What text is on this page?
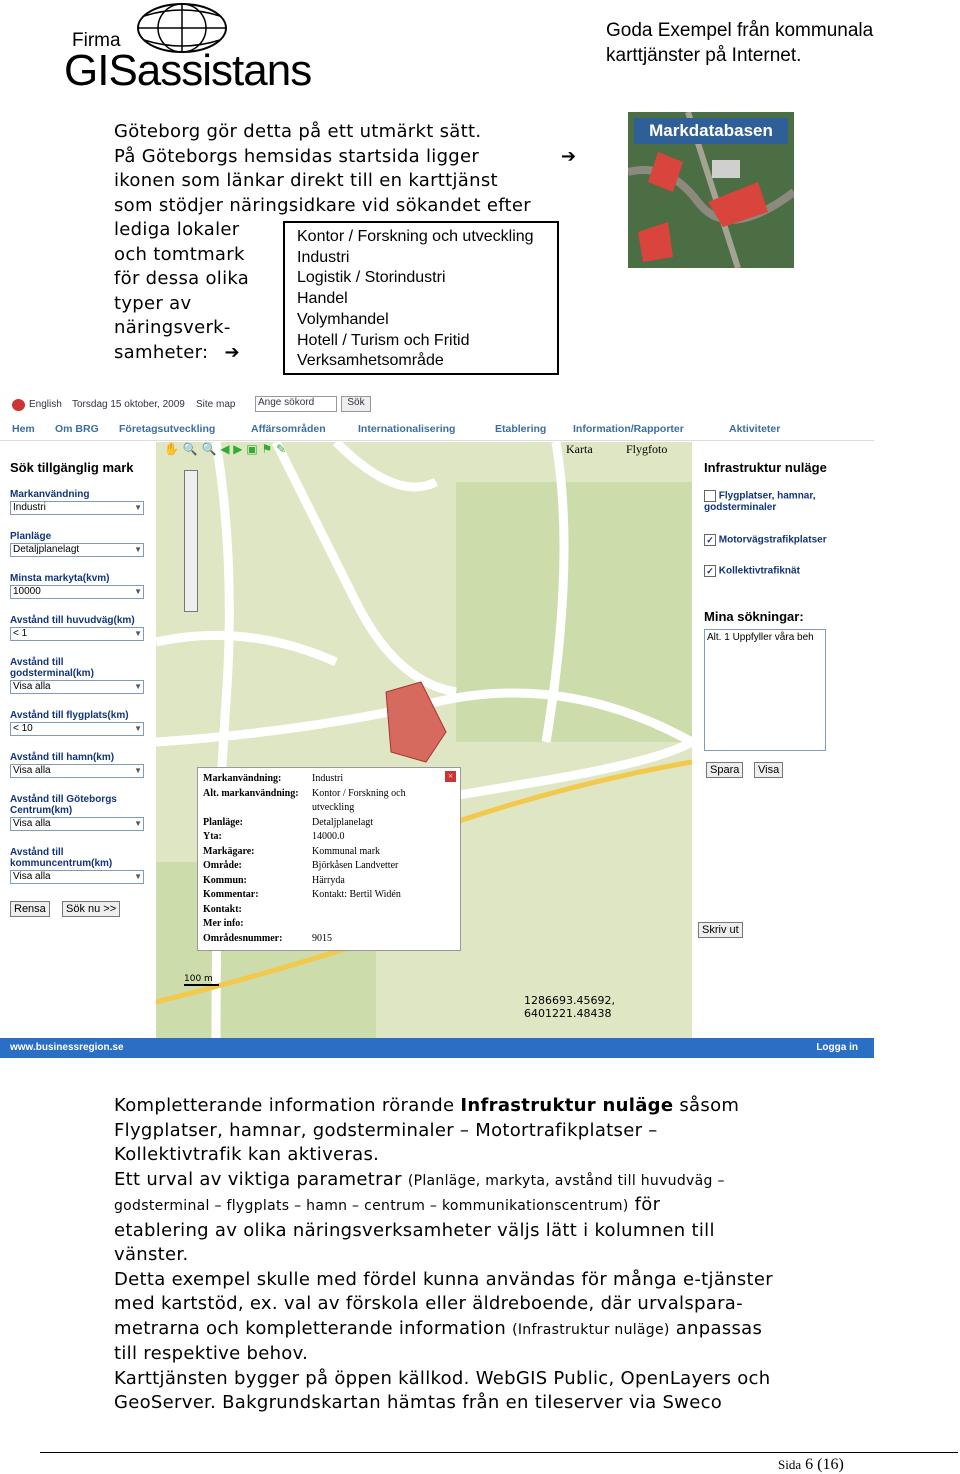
Firma
GISassistans
Goda Exempel från kommunala
karttjänster på Internet.
Göteborg gör detta på ett utmärkt sätt.
På Göteborgs hemsidas startsida ligger	➔
ikonen som länkar direkt till en karttjänst
som stödjer näringsidkare vid sökandet efter
lediga lokaler
och tomtmark
för dessa olika
typer av
näringsverk-
samheter: ➔
Kontor / Forskning och utveckling
Industri
Logistik / Storindustri
Handel
Volymhandel
Hotell / Turism och Fritid
Verksamhetsområde
Markdatabasen
English Torsdag 15 oktober, 2009 Site map	Ange sökord	Sök
Hem Om BRG Företagsutveckling	Affärsområden	Internationalisering	Etablering	Information/Rapporter	Aktiviteter
Sök tillgänglig mark
Markanvändning
Industri ▼
Planläge
Detaljplanelagt ▼
Minsta markyta(kvm)
10000 ▼
Avstånd till huvudväg(km)
< 1 ▼
Avstånd till godsterminal(km)
Visa alla ▼
Avstånd till flygplats(km)
< 10 ▼
Avstånd till hamn(km)
Visa alla ▼
Avstånd till Göteborgs Centrum(km)
Visa alla ▼
Avstånd till kommuncentrum(km)
Visa alla ▼
Rensa	Sök nu >>
Karta	Flygfoto
✋ 🔍 🔍 ◀ ▶ ▣ ⚑ ✎
×
Markanvändning:	Industri
Alt. markanvändning: Kontor / Forskning och
utveckling
Planläge:	Detaljplanelagt
Yta:	14000.0
Markägare:	Kommunal mark
Område:	Björkåsen Landvetter
Kommun:	Härryda
Kommentar:	Kontakt: Bertil Widén
Kontakt:
Mer info:
Områdesnummer:	9015
100 m
1286693.45692, 6401221.48438
Infrastruktur nuläge
Flygplatser, hamnar, godsterminaler
✓ Motorvägstrafikplatser
✓ Kollektivtrafiknät
Mina sökningar:
Alt. 1 Uppfyller våra beh
Spara	Visa
Skriv ut
www.businessregion.se	Logga in
Kompletterande information rörande Infrastruktur nuläge såsom
Flygplatser, hamnar, godsterminaler – Motortrafikplatser –
Kollektivtrafik kan aktiveras.
Ett urval av viktiga parametrar (Planläge, markyta, avstånd till huvudväg –
godsterminal – flygplats – hamn – centrum – kommunikationscentrum) för
etablering av olika näringsverksamheter väljs lätt i kolumnen till
vänster.
Detta exempel skulle med fördel kunna användas för många e-tjänster
med kartstöd, ex. val av förskola eller äldreboende, där urvalspara-
metrarna och kompletterande information (Infrastruktur nuläge) anpassas
till respektive behov.
Karttjänsten bygger på öppen källkod. WebGIS Public, OpenLayers och
GeoServer. Bakgrundskartan hämtas från en tileserver via Sweco
Sida 6 (16)
